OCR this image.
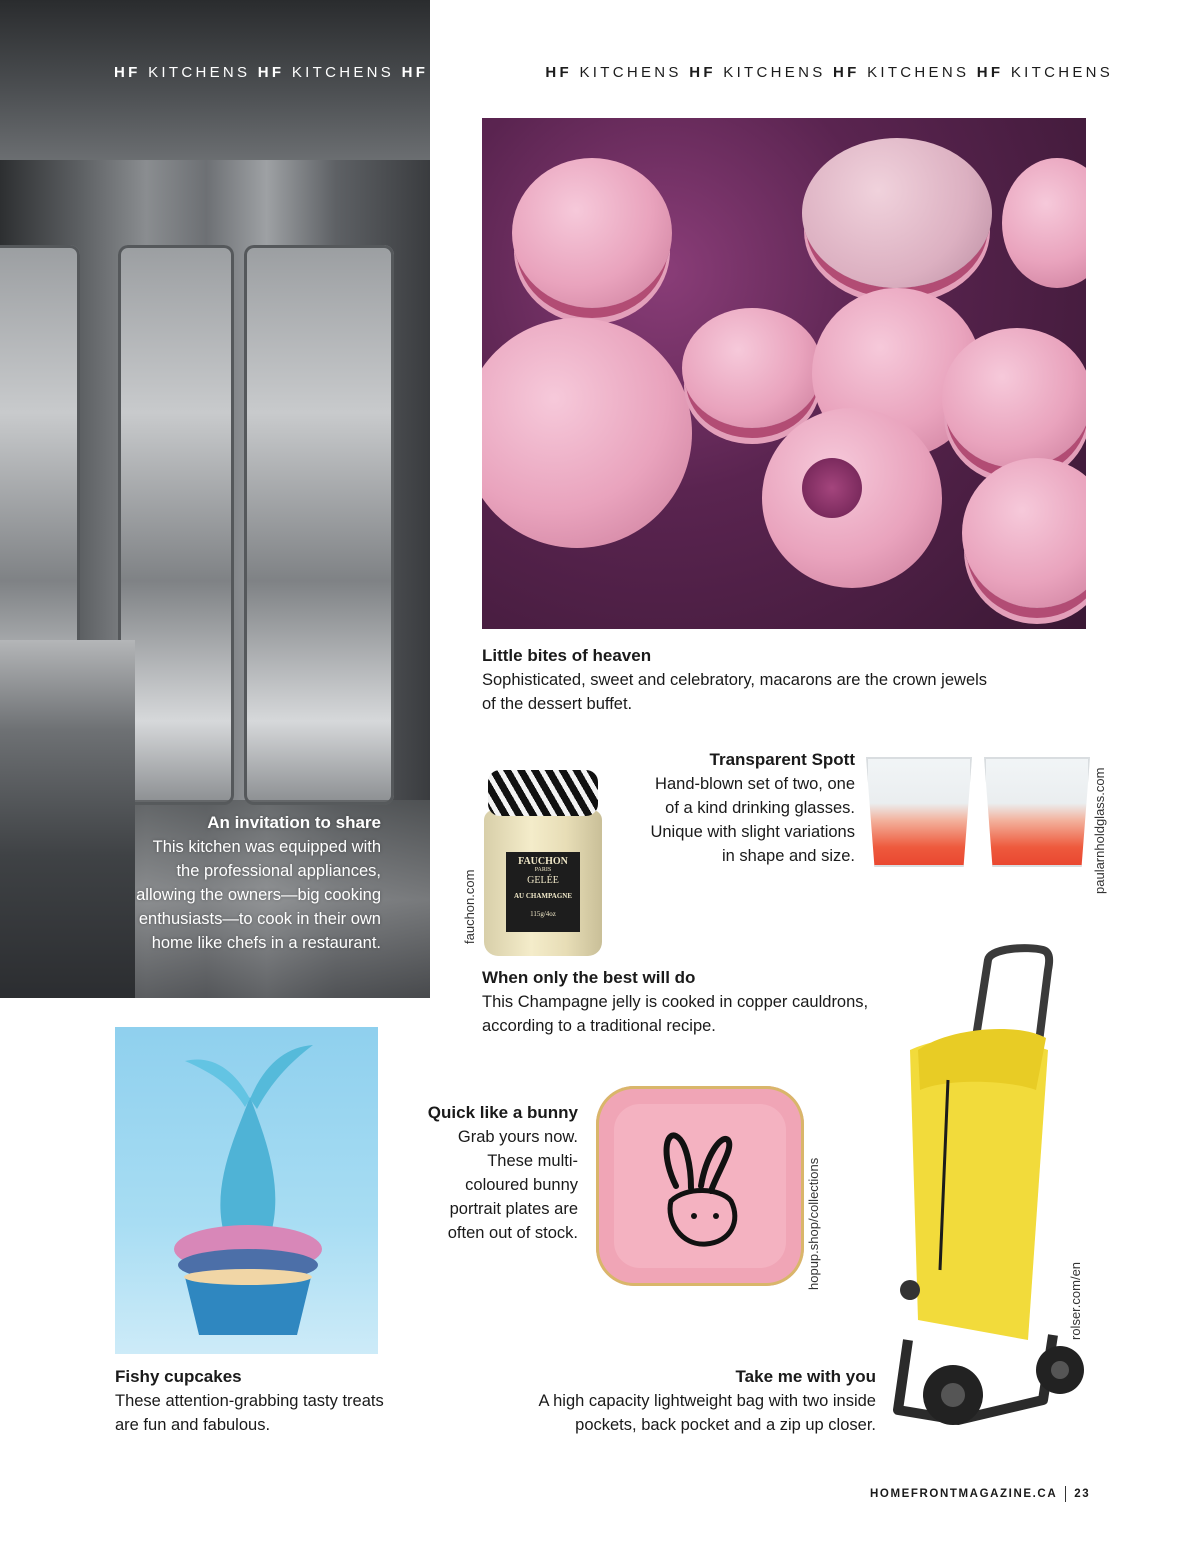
HF KITCHENS HF KITCHENS HF KITCHENS HF KITCHENS HF KITCHENS HF KITCHENS HF KITCHENS
Little bites of heaven
Sophisticated, sweet and celebratory, macarons are the crown jewels
of the dessert buffet.
An invitation to share
This kitchen was equipped with
the professional appliances,
allowing the owners—big cooking
enthusiasts—to cook in their own
home like chefs in a restaurant.
FAUCHON
PARIS
GELÉE
AU CHAMPAGNE
115g/4oz
fauchon.com
Transparent Spott
Hand-blown set of two, one
of a kind drinking glasses.
Unique with slight variations
in shape and size.	paularnholdglass.com
When only the best will do
This Champagne jelly is cooked in copper cauldrons,
according to a traditional recipe.
Fishy cupcakes
These attention-grabbing tasty treats
are fun and fabulous.
Quick like a bunny
Grab yours now.
These multi-
coloured bunny
portrait plates are
often out of stock.	hopup.shop/collections
rolser.com/en
Take me with you
A high capacity lightweight bag with two inside
pockets, back pocket and a zip up closer.
HOMEFRONTMAGAZINE.CA 23
